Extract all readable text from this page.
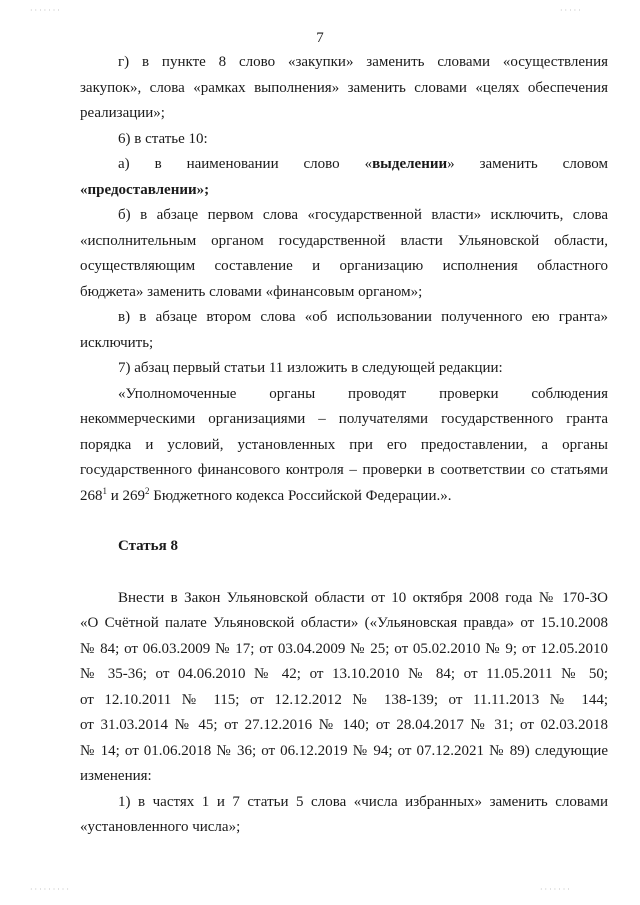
·······	·····
·········	·······
7

г) в пункте 8 слово «закупки» заменить словами «осуществления

закупок», слова «рамках выполнения» заменить словами «целях обеспечения

реализации»;

6) в статье 10:

а) в наименовании слово «выделении» заменить словом

«предоставлении»;

б) в абзаце первом слова «государственной власти» исключить, слова

«исполнительным органом государственной власти Ульяновской области,

осуществляющим составление и организацию исполнения областного

бюджета» заменить словами «финансовым органом»;

в) в абзаце втором слова «об использовании полученного ею гранта»

исключить;

7) абзац первый статьи 11 изложить в следующей редакции:

«Уполномоченные органы проводят проверки соблюдения

некоммерческими организациями – получателями государственного гранта

порядка и условий, установленных при его предоставлении, а органы

государственного финансового контроля – проверки в соответствии со статьями

$268^1$ и $269^2$ Бюджетного кодекса Российской Федерации.».

Статья 8

Внести в Закон Ульяновской области от 10 октября 2008 года № 170-ЗО

«О Счётной палате Ульяновской области» («Ульяновская правда» от 15.10.2008

№ 84; от 06.03.2009 № 17; от 03.04.2009 № 25; от 05.02.2010 № 9; от 12.05.2010

№ 35-36; от 04.06.2010 № 42; от 13.10.2010 № 84; от 11.05.2011 № 50;

от 12.10.2011 № 115; от 12.12.2012 № 138-139; от 11.11.2013 № 144;

от 31.03.2014 № 45; от 27.12.2016 № 140; от 28.04.2017 № 31; от 02.03.2018

№ 14; от 01.06.2018 № 36; от 06.12.2019 № 94; от 07.12.2021 № 89) следующие

изменения:

1) в частях 1 и 7 статьи 5 слова «числа избранных» заменить словами

«установленного числа»;
